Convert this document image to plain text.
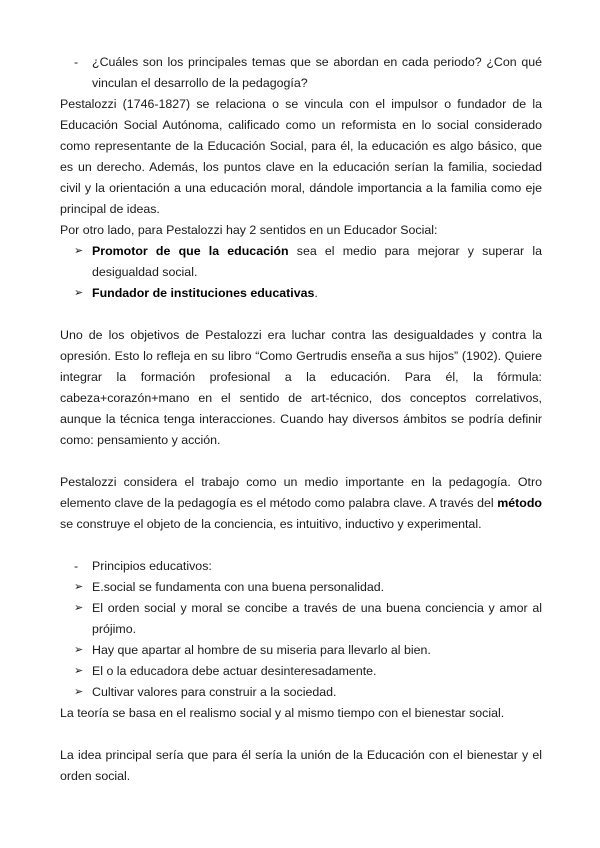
-	¿Cuáles son los principales temas que se abordan en cada periodo? ¿Con qué vinculan el desarrollo de la pedagogía?

Pestalozzi (1746-1827) se relaciona o se vincula con el impulsor o fundador de la Educación Social Autónoma, calificado como un reformista en lo social considerado como representante de la Educación Social, para él, la educación es algo básico, que es un derecho. Además, los puntos clave en la educación serían la familia, sociedad civil y la orientación a una educación moral, dándole importancia a la familia como eje principal de ideas.

Por otro lado, para Pestalozzi hay 2 sentidos en un Educador Social:

➢ Promotor de que la educación sea el medio para mejorar y superar la desigualdad social.
➢ Fundador de instituciones educativas.

Uno de los objetivos de Pestalozzi era luchar contra las desigualdades y contra la opresión. Esto lo refleja en su libro “Como Gertrudis enseña a sus hijos” (1902). Quiere integrar la formación profesional a la educación. Para él, la fórmula: cabeza+corazón+mano en el sentido de art-técnico, dos conceptos correlativos, aunque la técnica tenga interacciones. Cuando hay diversos ámbitos se podría definir como: pensamiento y acción.

Pestalozzi considera el trabajo como un medio importante en la pedagogía. Otro elemento clave de la pedagogía es el método como palabra clave. A través del método se construye el objeto de la conciencia, es intuitivo, inductivo y experimental.

-	Principios educativos:
➢ E.social se fundamenta con una buena personalidad.
➢ El orden social y moral se concibe a través de una buena conciencia y amor al prójimo.
➢ Hay que apartar al hombre de su miseria para llevarlo al bien.
➢ El o la educadora debe actuar desinteresadamente.
➢ Cultivar valores para construir a la sociedad.

La teoría se basa en el realismo social y al mismo tiempo con el bienestar social.

La idea principal sería que para él sería la unión de la Educación con el bienestar y el orden social.
